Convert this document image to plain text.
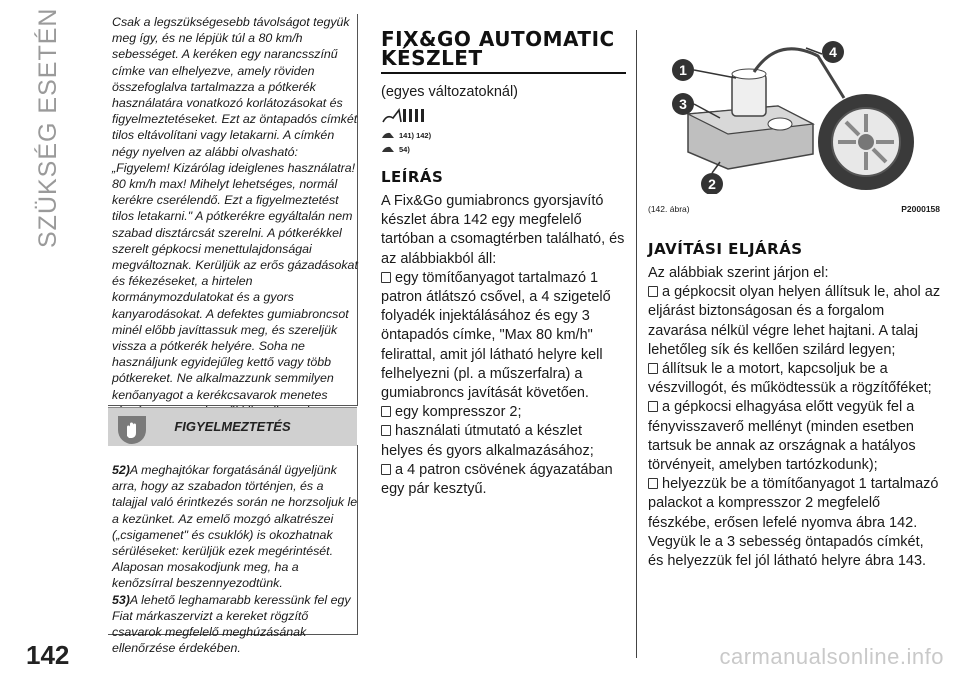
SZÜKSÉG ESETÉN
142
Csak a legszükségesebb távolságot tegyük meg így, és ne lépjük túl a 80 km/h sebességet. A keréken egy narancsszínű címke van elhelyezve, amely röviden összefoglalva tartalmazza a pótkerék használatára vonatkozó korlátozásokat és figyelmeztetéseket. Ezt az öntapadós címkét tilos eltávolítani vagy letakarni. A címkén négy nyelven az alábbi olvasható: „Figyelem! Kizárólag ideiglenes használatra! 80 km/h max! Mihelyt lehetséges, normál kerékre cserélendő. Ezt a figyelmeztetést tilos letakarni." A pótkerékre egyáltalán nem szabad disztárcsát szerelni. A pótkerékkel szerelt gépkocsi menettulajdonságai megváltoznak. Kerüljük az erős gázadásokat és fékezéseket, a hirtelen kormánymozdulatokat és a gyors kanyarodásokat. A defektes gumiabroncsot minél előbb javíttassuk meg, és szereljük vissza a pótkerék helyére. Soha ne használjunk egyidejűleg kettő vagy több pótkereket. Ne alkalmazzunk semmilyen kenőanyagot a kerékcsavarok menetes
FIGYELMEZTETÉS
52)A meghajtókar forgatásánál ügyeljünk arra, hogy az szabadon történjen, és a talajjal való érintkezés során ne horzsoljuk le a kezünket. Az emelő mozgó alkatrészei („csigamenet" és csuklók) is okozhatnak sérüléseket: kerüljük ezek megérintését. Alaposan mosakodjunk meg, ha a kenőzsírral beszennyezodtünk.
53)A lehető leghamarabb keressünk fel egy Fiat márkaszervizt a kereket rögzítő csavarok megfelelő meghúzásának ellenőrzése érdekében.
FIX&GO AUTOMATIC KÉSZLET
(egyes változatoknál)
141) 142)
54)
LEÍRÁS
A Fix&Go gumiabroncs gyorsjavító készlet ábra 142 egy megfelelő tartóban a csomagtérben található, és az alábbiakból áll:
egy tömítőanyagot tartalmazó 1 patron átlátszó csővel, a 4 szigetelő folyadék injektálásához és egy 3 öntapadós címke, "Max 80 km/h" felirattal, amit jól látható helyre kell felhelyezni (pl. a műszerfalra) a gumiabroncs javítását követően.
egy kompresszor 2;
használati útmutató a készlet helyes és gyors alkalmazásához;
a 4 patron csövének ágyazatában egy pár kesztyű.
1
2
3
4
(142. ábra)	P2000158
JAVÍTÁSI ELJÁRÁS
Az alábbiak szerint járjon el:
a gépkocsit olyan helyen állítsuk le, ahol az eljárást biztonságosan és a forgalom zavarása nélkül végre lehet hajtani. A talaj lehetőleg sík és kellően szilárd legyen;
állítsuk le a motort, kapcsoljuk be a vészvillogót, és működtessük a rögzítőféket;
a gépkocsi elhagyása előtt vegyük fel a fényvisszaverő mellényt (minden esetben tartsuk be annak az országnak a hatályos törvényeit, amelyben tartózkodunk);
helyezzük be a tömítőanyagot 1 tartalmazó palackot a kompresszor 2 megfelelő fészkébe, erősen lefelé nyomva ábra 142. Vegyük le a 3 sebesség öntapadós címkét, és helyezzük fel jól látható helyre ábra 143.
carmanualsonline.info
